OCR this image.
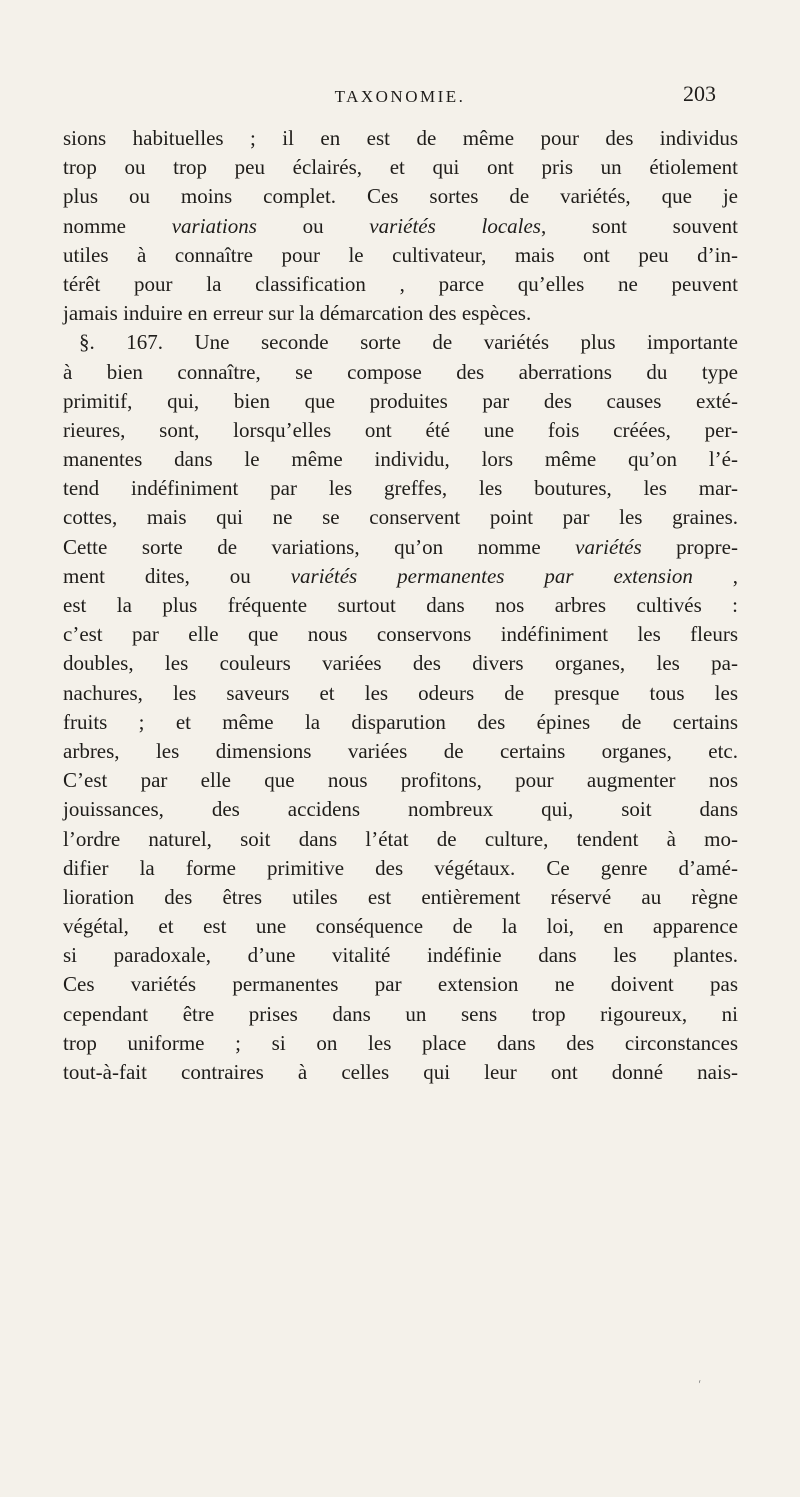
TAXONOMIE.	203
sions habituelles ; il en est de même pour des individus
trop ou trop peu éclairés, et qui ont pris un étiolement
plus ou moins complet. Ces sortes de variétés, que je
nomme variations ou variétés locales, sont souvent
utiles à connaître pour le cultivateur, mais ont peu d’in-
térêt pour la classification , parce qu’elles ne peuvent
jamais induire en erreur sur la démarcation des espèces.
§. 167. Une seconde sorte de variétés plus importante
à bien connaître, se compose des aberrations du type
primitif, qui, bien que produites par des causes exté-
rieures, sont, lorsqu’elles ont été une fois créées, per-
manentes dans le même individu, lors même qu’on l’é-
tend indéfiniment par les greffes, les boutures, les mar-
cottes, mais qui ne se conservent point par les graines.
Cette sorte de variations, qu’on nomme variétés propre-
ment dites, ou variétés permanentes par extension ,
est la plus fréquente surtout dans nos arbres cultivés :
c’est par elle que nous conservons indéfiniment les fleurs
doubles, les couleurs variées des divers organes, les pa-
nachures, les saveurs et les odeurs de presque tous les
fruits ; et même la disparution des épines de certains
arbres, les dimensions variées de certains organes, etc.
C’est par elle que nous profitons, pour augmenter nos
jouissances, des accidens nombreux qui, soit dans
l’ordre naturel, soit dans l’état de culture, tendent à mo-
difier la forme primitive des végétaux. Ce genre d’amé-
lioration des êtres utiles est entièrement réservé au règne
végétal, et est une conséquence de la loi, en apparence
si paradoxale, d’une vitalité indéfinie dans les plantes.
Ces variétés permanentes par extension ne doivent pas
cependant être prises dans un sens trop rigoureux, ni
trop uniforme ; si on les place dans des circonstances
tout-à-fait contraires à celles qui leur ont donné nais-
´
